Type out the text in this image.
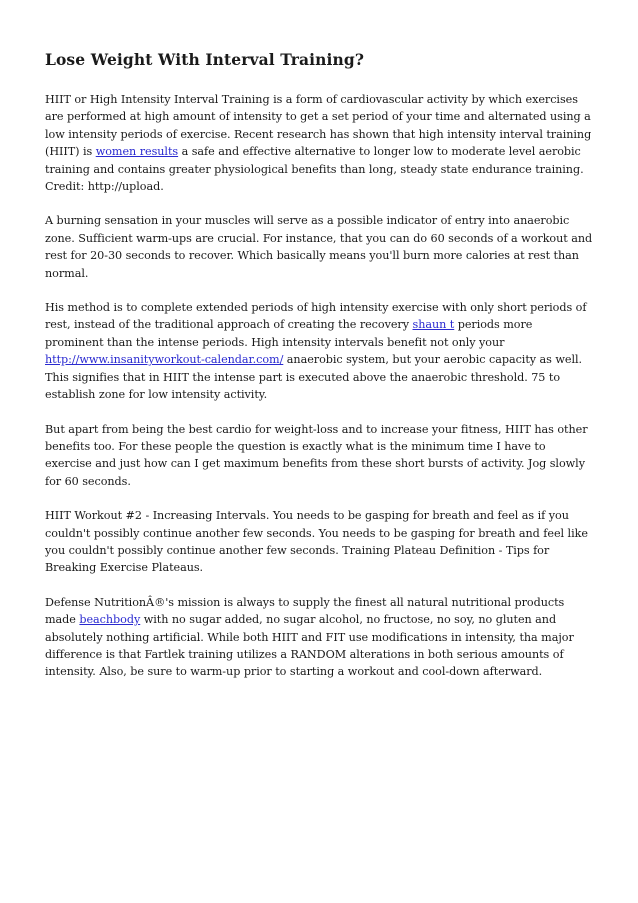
Lose Weight With Interval Training?

HIIT or High Intensity Interval Training is a form of cardiovascular activity by which exercises are performed at high amount of intensity to get a set period of your time and alternated using a low intensity periods of exercise. Recent research has shown that high intensity interval training (HIIT) is women results a safe and effective alternative to longer low to moderate level aerobic training and contains greater physiological benefits than long, steady state endurance training. Credit: http://upload.

A burning sensation in your muscles will serve as a possible indicator of entry into anaerobic zone. Sufficient warm-ups are crucial. For instance, that you can do 60 seconds of a workout and rest for 20-30 seconds to recover. Which basically means you'll burn more calories at rest than normal.

His method is to complete extended periods of high intensity exercise with only short periods of rest, instead of the traditional approach of creating the recovery shaun t periods more prominent than the intense periods. High intensity intervals benefit not only your http://www.insanityworkout-calendar.com/ anaerobic system, but your aerobic capacity as well. This signifies that in HIIT the intense part is executed above the anaerobic threshold. 75 to establish zone for low intensity activity.

But apart from being the best cardio for weight-loss and to increase your fitness, HIIT has other benefits too. For these people the question is exactly what is the minimum time I have to exercise and just how can I get maximum benefits from these short bursts of activity. Jog slowly for 60 seconds.

HIIT Workout #2 - Increasing Intervals. You needs to be gasping for breath and feel as if you couldn't possibly continue another few seconds. You needs to be gasping for breath and feel like you couldn't possibly continue another few seconds. Training Plateau Definition - Tips for Breaking Exercise Plateaus.

Defense NutritionÂ®'s mission is always to supply the finest all natural nutritional products made beachbody with no sugar added, no sugar alcohol, no fructose, no soy, no gluten and absolutely nothing artificial. While both HIIT and FIT use modifications in intensity, tha major difference is that Fartlek training utilizes a RANDOM alterations in both serious amounts of intensity. Also, be sure to warm-up prior to starting a workout and cool-down afterward.
